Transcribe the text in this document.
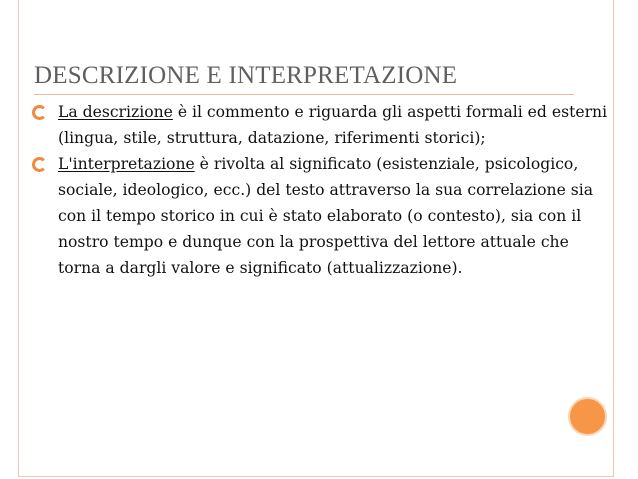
DESCRIZIONE E INTERPRETAZIONE
La descrizione è il commento e riguarda gli aspetti formali ed esterni (lingua, stile, struttura, datazione, riferimenti storici);
L'interpretazione è rivolta al significato (esistenziale, psicologico, sociale, ideologico, ecc.) del testo attraverso la sua correlazione sia con il tempo storico in cui è stato elaborato (o contesto), sia con il nostro tempo e dunque con la prospettiva del lettore attuale che torna a dargli valore e significato (attualizzazione).
